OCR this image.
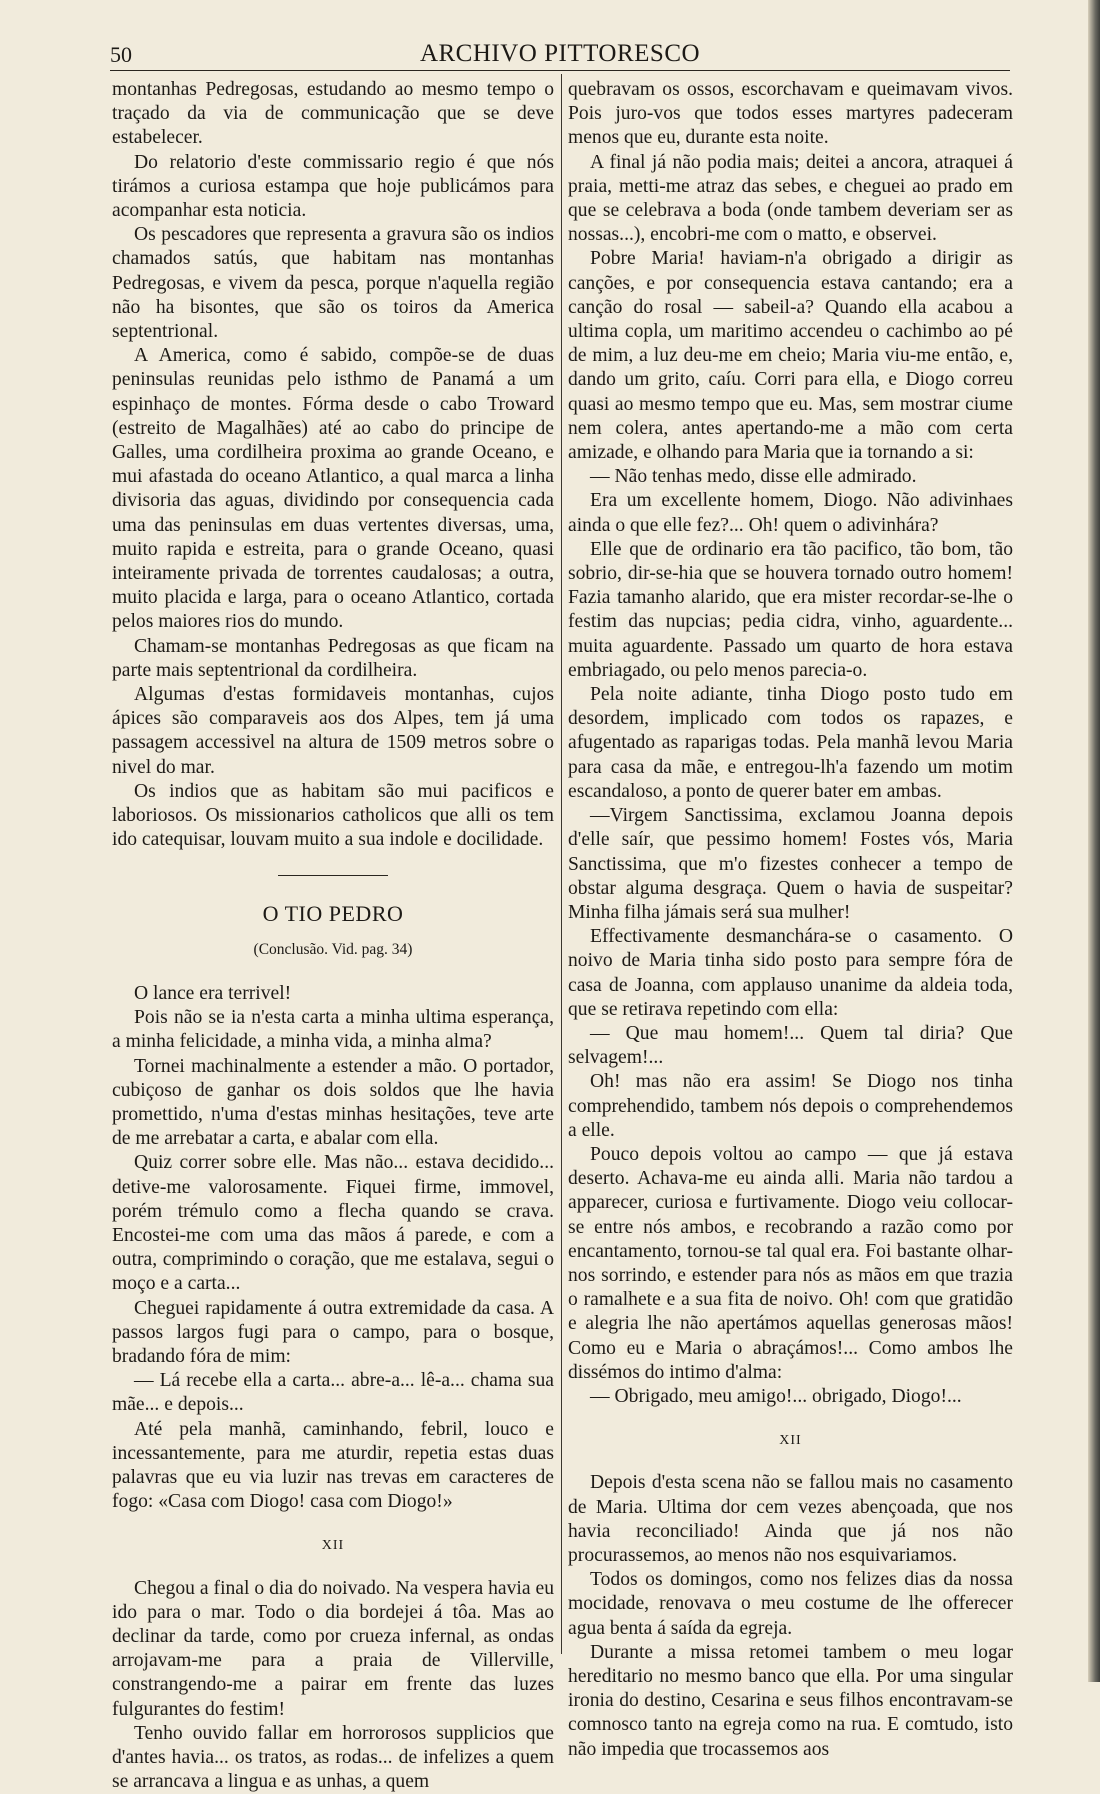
50	ARCHIVO PITTORESCO

montanhas Pedregosas, estudando ao mesmo tempo o traçado da via de communicação que se deve estabelecer.

Do relatorio d'este commissario regio é que nós tirámos a curiosa estampa que hoje publicámos para acompanhar esta noticia.

Os pescadores que representa a gravura são os indios chamados satús, que habitam nas montanhas Pedregosas, e vivem da pesca, porque n'aquella região não ha bisontes, que são os toiros da America septentrional.

A America, como é sabido, compõe-se de duas peninsulas reunidas pelo isthmo de Panamá a um espinhaço de montes. Fórma desde o cabo Troward (estreito de Magalhães) até ao cabo do principe de Galles, uma cordilheira proxima ao grande Oceano, e mui afastada do oceano Atlantico, a qual marca a linha divisoria das aguas, dividindo por consequencia cada uma das peninsulas em duas vertentes diversas, uma, muito rapida e estreita, para o grande Oceano, quasi inteiramente privada de torrentes caudalosas; a outra, muito placida e larga, para o oceano Atlantico, cortada pelos maiores rios do mundo.

Chamam-se montanhas Pedregosas as que ficam na parte mais septentrional da cordilheira.

Algumas d'estas formidaveis montanhas, cujos ápices são comparaveis aos dos Alpes, tem já uma passagem accessivel na altura de 1509 metros sobre o nivel do mar.

Os indios que as habitam são mui pacificos e laboriosos. Os missionarios catholicos que alli os tem ido catequisar, louvam muito a sua indole e docilidade.

O TIO PEDRO
(Conclusão. Vid. pag. 34)

O lance era terrivel!

Pois não se ia n'esta carta a minha ultima esperança, a minha felicidade, a minha vida, a minha alma?

Tornei machinalmente a estender a mão. O portador, cubiçoso de ganhar os dois soldos que lhe havia promettido, n'uma d'estas minhas hesitações, teve arte de me arrebatar a carta, e abalar com ella.

Quiz correr sobre elle. Mas não... estava decidido... detive-me valorosamente. Fiquei firme, immovel, porém trémulo como a flecha quando se crava. Encostei-me com uma das mãos á parede, e com a outra, comprimindo o coração, que me estalava, segui o moço e a carta...

Cheguei rapidamente á outra extremidade da casa. A passos largos fugi para o campo, para o bosque, bradando fóra de mim:

— Lá recebe ella a carta... abre-a... lê-a... chama sua mãe... e depois...

Até pela manhã, caminhando, febril, louco e incessantemente, para me aturdir, repetia estas duas palavras que eu via luzir nas trevas em caracteres de fogo: «Casa com Diogo! casa com Diogo!»

XII

Chegou a final o dia do noivado. Na vespera havia eu ido para o mar. Todo o dia bordejei á tôa. Mas ao declinar da tarde, como por crueza infernal, as ondas arrojavam-me para a praia de Villerville, constrangendo-me a pairar em frente das luzes fulgurantes do festim!

Tenho ouvido fallar em horrorosos supplicios que d'antes havia... os tratos, as rodas... de infelizes a quem se arrancava a lingua e as unhas, a quem

quebravam os ossos, escorchavam e queimavam vivos. Pois juro-vos que todos esses martyres padeceram menos que eu, durante esta noite.

A final já não podia mais; deitei a ancora, atraquei á praia, metti-me atraz das sebes, e cheguei ao prado em que se celebrava a boda (onde tambem deveriam ser as nossas...), encobri-me com o matto, e observei.

Pobre Maria! haviam-n'a obrigado a dirigir as canções, e por consequencia estava cantando; era a canção do rosal — sabeil-a? Quando ella acabou a ultima copla, um maritimo accendeu o cachimbo ao pé de mim, a luz deu-me em cheio; Maria viu-me então, e, dando um grito, caíu. Corri para ella, e Diogo correu quasi ao mesmo tempo que eu. Mas, sem mostrar ciume nem colera, antes apertando-me a mão com certa amizade, e olhando para Maria que ia tornando a si:

— Não tenhas medo, disse elle admirado.

Era um excellente homem, Diogo. Não adivinhaes ainda o que elle fez?... Oh! quem o adivinhára?

Elle que de ordinario era tão pacifico, tão bom, tão sobrio, dir-se-hia que se houvera tornado outro homem! Fazia tamanho alarido, que era mister recordar-se-lhe o festim das nupcias; pedia cidra, vinho, aguardente... muita aguardente. Passado um quarto de hora estava embriagado, ou pelo menos parecia-o.

Pela noite adiante, tinha Diogo posto tudo em desordem, implicado com todos os rapazes, e afugentado as raparigas todas. Pela manhã levou Maria para casa da mãe, e entregou-lh'a fazendo um motim escandaloso, a ponto de querer bater em ambas.

—Virgem Sanctissima, exclamou Joanna depois d'elle saír, que pessimo homem! Fostes vós, Maria Sanctissima, que m'o fizestes conhecer a tempo de obstar alguma desgraça. Quem o havia de suspeitar? Minha filha jámais será sua mulher!

Effectivamente desmanchára-se o casamento. O noivo de Maria tinha sido posto para sempre fóra de casa de Joanna, com applauso unanime da aldeia toda, que se retirava repetindo com ella:

— Que mau homem!... Quem tal diria? Que selvagem!...

Oh! mas não era assim! Se Diogo nos tinha comprehendido, tambem nós depois o comprehendemos a elle.

Pouco depois voltou ao campo — que já estava deserto. Achava-me eu ainda alli. Maria não tardou a apparecer, curiosa e furtivamente. Diogo veiu collocar-se entre nós ambos, e recobrando a razão como por encantamento, tornou-se tal qual era. Foi bastante olhar-nos sorrindo, e estender para nós as mãos em que trazia o ramalhete e a sua fita de noivo. Oh! com que gratidão e alegria lhe não apertámos aquellas generosas mãos! Como eu e Maria o abraçámos!... Como ambos lhe dissémos do intimo d'alma:

— Obrigado, meu amigo!... obrigado, Diogo!...

XII

Depois d'esta scena não se fallou mais no casamento de Maria. Ultima dor cem vezes abençoada, que nos havia reconciliado! Ainda que já nos não procurassemos, ao menos não nos esquivariamos.

Todos os domingos, como nos felizes dias da nossa mocidade, renovava o meu costume de lhe offerecer agua benta á saída da egreja.

Durante a missa retomei tambem o meu logar hereditario no mesmo banco que ella. Por uma singular ironia do destino, Cesarina e seus filhos encontravam-se comnosco tanto na egreja como na rua. E comtudo, isto não impedia que trocassemos aos
